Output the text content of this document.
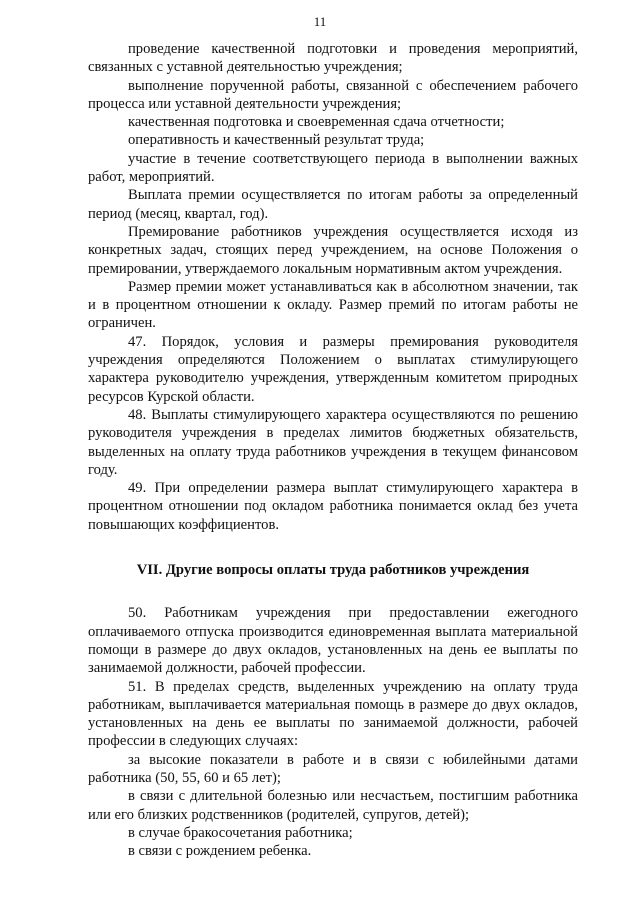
11

проведение качественной подготовки и проведения мероприятий, связанных с уставной деятельностью учреждения;

выполнение порученной работы, связанной с обеспечением рабочего процесса или уставной деятельности учреждения;

качественная подготовка и своевременная сдача отчетности;

оперативность и качественный результат труда;

участие в течение соответствующего периода в выполнении важных работ, мероприятий.

Выплата премии осуществляется по итогам работы за определенный период (месяц, квартал, год).

Премирование работников учреждения осуществляется исходя из конкретных задач, стоящих перед учреждением, на основе Положения о премировании, утверждаемого локальным нормативным актом учреждения.

Размер премии может устанавливаться как в абсолютном значении, так и в процентном отношении к окладу. Размер премий по итогам работы не ограничен.

47. Порядок, условия и размеры премирования руководителя учреждения определяются Положением о выплатах стимулирующего характера руководителю учреждения, утвержденным комитетом природных ресурсов Курской области.

48. Выплаты стимулирующего характера осуществляются по решению руководителя учреждения в пределах лимитов бюджетных обязательств, выделенных на оплату труда работников учреждения в текущем финансовом году.

49. При определении размера выплат стимулирующего характера в процентном отношении под окладом работника понимается оклад без учета повышающих коэффициентов.

VII. Другие вопросы оплаты труда работников учреждения

50. Работникам учреждения при предоставлении ежегодного оплачиваемого отпуска производится единовременная выплата материальной помощи в размере до двух окладов, установленных на день ее выплаты по занимаемой должности, рабочей профессии.

51. В пределах средств, выделенных учреждению на оплату труда работникам, выплачивается материальная помощь в размере до двух окладов, установленных на день ее выплаты по занимаемой должности, рабочей профессии в следующих случаях:

за высокие показатели в работе и в связи с юбилейными датами работника (50, 55, 60 и 65 лет);

в связи с длительной болезнью или несчастьем, постигшим работника или его близких родственников (родителей, супругов, детей);

в случае бракосочетания работника;

в связи с рождением ребенка.
